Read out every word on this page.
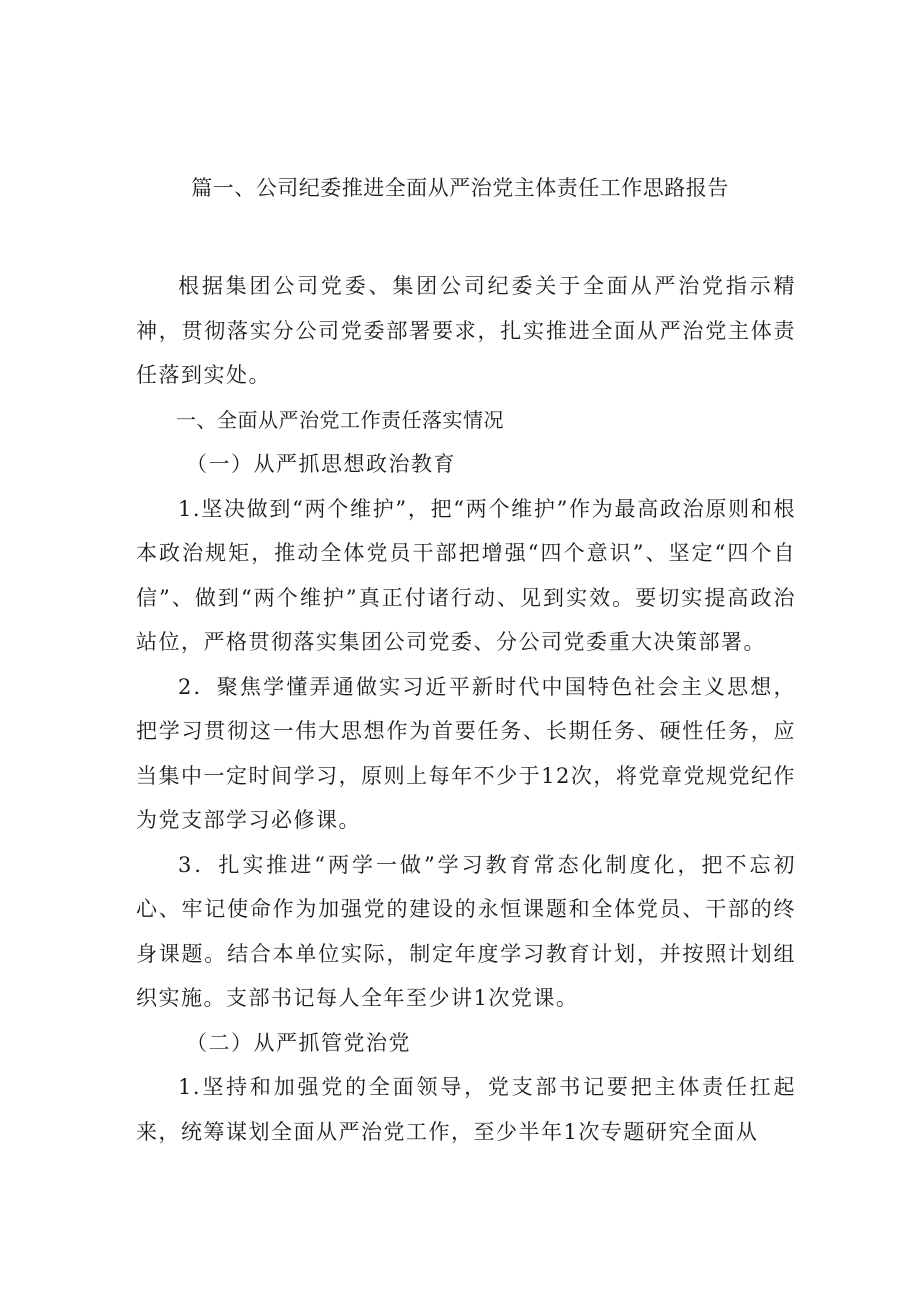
篇一、公司纪委推进全面从严治党主体责任工作思路报告

根据集团公司党委、集团公司纪委关于全面从严治党指示精神，贯彻落实分公司党委部署要求，扎实推进全面从严治党主体责任落到实处。

一、全面从严治党工作责任落实情况
（一）从严抓思想政治教育

1.坚决做到“两个维护”，把“两个维护”作为最高政治原则和根本政治规矩，推动全体党员干部把增强“四个意识”、坚定“四个自信”、做到“两个维护”真正付诸行动、见到实效。要切实提高政治站位，严格贯彻落实集团公司党委、分公司党委重大决策部署。

2．聚焦学懂弄通做实习近平新时代中国特色社会主义思想，把学习贯彻这一伟大思想作为首要任务、长期任务、硬性任务，应当集中一定时间学习，原则上每年不少于12次，将党章党规党纪作为党支部学习必修课。

3．扎实推进“两学一做”学习教育常态化制度化，把不忘初心、牢记使命作为加强党的建设的永恒课题和全体党员、干部的终身课题。结合本单位实际，制定年度学习教育计划，并按照计划组织实施。支部书记每人全年至少讲1次党课。

（二）从严抓管党治党

1.坚持和加强党的全面领导，党支部书记要把主体责任扛起来，统筹谋划全面从严治党工作，至少半年1次专题研究全面从
